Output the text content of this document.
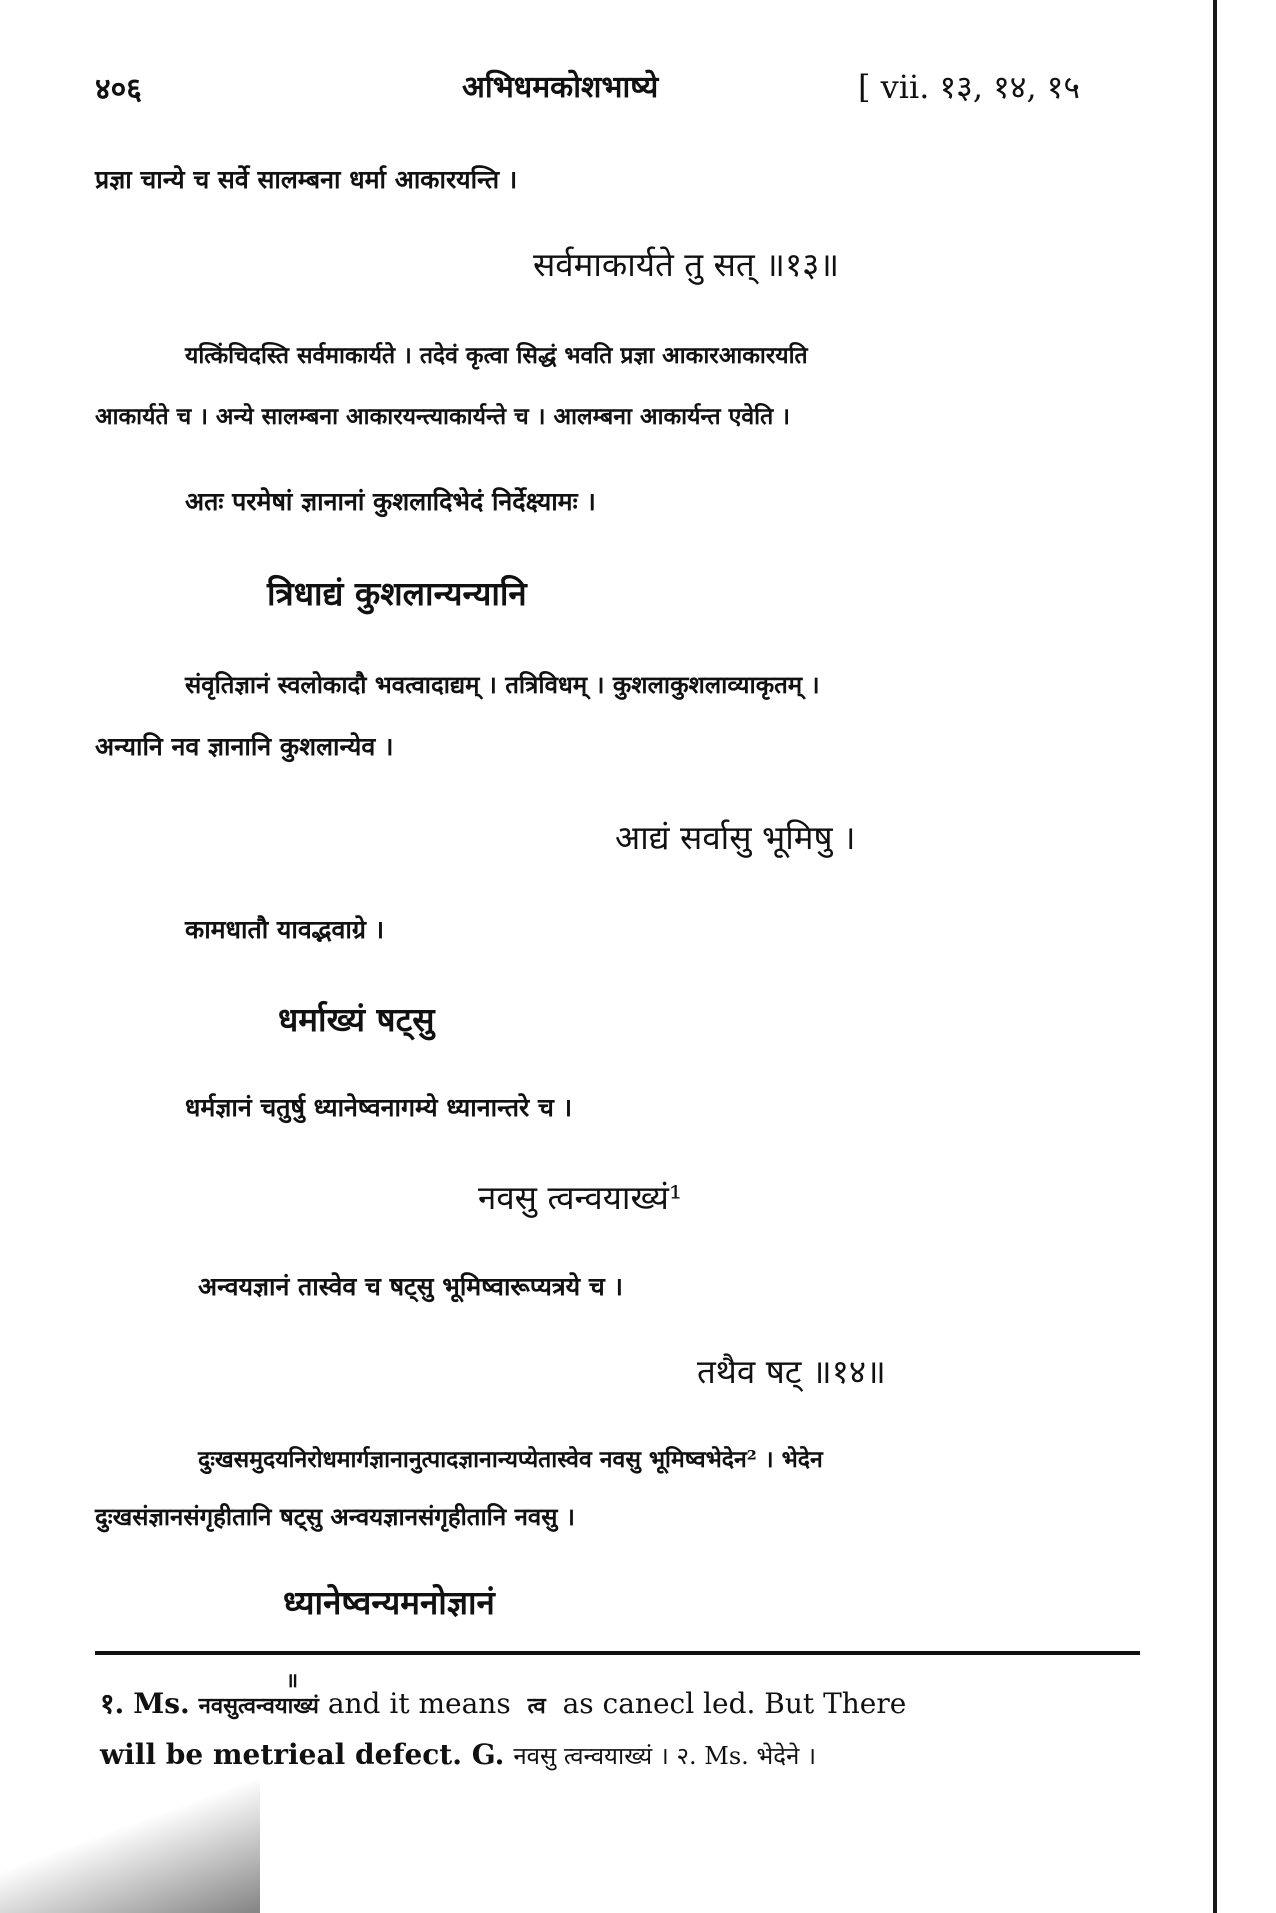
४०६	अभिधमकोशभाष्ये	[ vii. १३, १४, १५
प्रज्ञा चान्ये च सर्वे सालम्बना धर्मा आकारयन्ति ।
सर्वमाकार्यते तु सत् ॥१३॥
यत्किंचिदस्ति सर्वमाकार्यते । तदेवं कृत्वा सिद्धं भवति प्रज्ञा आकारआकारयति
आकार्यते च । अन्ये सालम्बना आकारयन्त्याकार्यन्ते च । आलम्बना आकार्यन्त एवेति ।
अतः परमेषां ज्ञानानां कुशलादिभेदं निर्देक्ष्यामः ।
त्रिधाद्यं कुशलान्यन्यानि
संवृतिज्ञानं स्वलोकादौ भवत्वादाद्यम् । तत्रिविधम् । कुशलाकुशलाव्याकृतम् ।
अन्यानि नव ज्ञानानि कुशलान्येव ।
आद्यं सर्वासु भूमिषु ।
कामधातौ यावद्भवाग्रे ।
धर्माख्यं षट्सु
धर्मज्ञानं चतुर्षु ध्यानेष्वनागम्ये ध्यानान्तरे च ।
नवसु त्वन्वयाख्यं¹
अन्वयज्ञानं तास्वेव च षट्सु भूमिष्वारूप्यत्रये च ।
तथैव षट् ॥१४॥
दुःखसमुदयनिरोधमार्गज्ञानानुत्पादज्ञानान्यप्येतास्वेव नवसु भूमिष्वभेदेन² । भेदेन
दुःखसंज्ञानसंगृहीतानि षट्सु अन्वयज्ञानसंगृहीतानि नवसु ।
ध्यानेष्वन्यमनोज्ञानं
॥
१. Ms. नवसुत्वन्वयाख्यं and it means त्व as canecl led. But There
will be metrieal defect. G. नवसु त्वन्वयाख्यं । २. Ms. भेदेने ।
